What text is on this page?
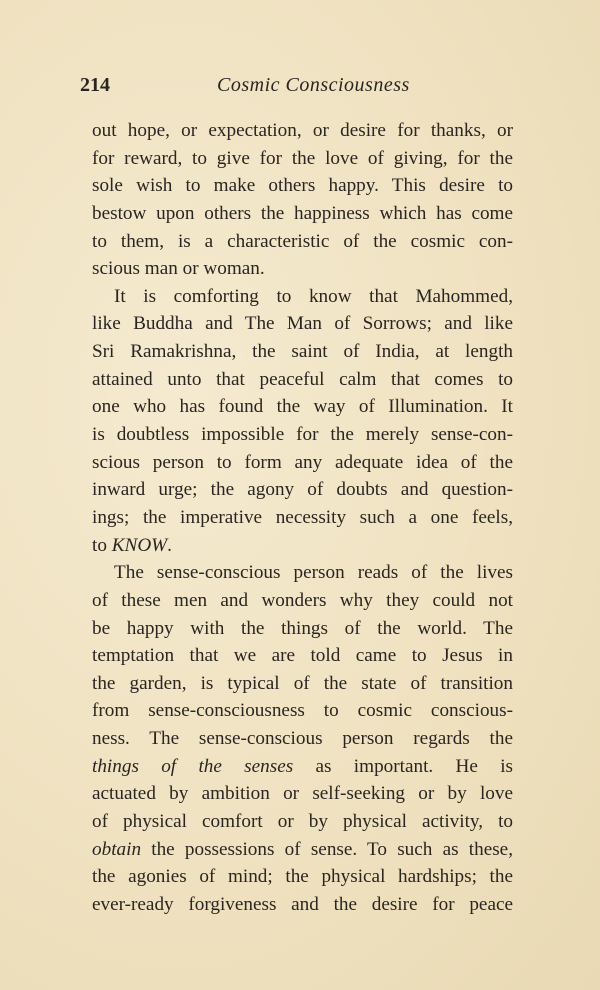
214	Cosmic Consciousness
out hope, or expectation, or desire for thanks, or
for reward, to give for the love of giving, for the
sole wish to make others happy. This desire to
bestow upon others the happiness which has come
to them, is a characteristic of the cosmic con-
scious man or woman.
It is comforting to know that Mahommed,
like Buddha and The Man of Sorrows; and like
Sri Ramakrishna, the saint of India, at length
attained unto that peaceful calm that comes to
one who has found the way of Illumination. It
is doubtless impossible for the merely sense-con-
scious person to form any adequate idea of the
inward urge; the agony of doubts and question-
ings; the imperative necessity such a one feels,
to KNOW.
The sense-conscious person reads of the lives
of these men and wonders why they could not
be happy with the things of the world. The
temptation that we are told came to Jesus in
the garden, is typical of the state of transition
from sense-consciousness to cosmic conscious-
ness. The sense-conscious person regards the
things of the senses as important. He is
actuated by ambition or self-seeking or by love
of physical comfort or by physical activity, to
obtain the possessions of sense. To such as these,
the agonies of mind; the physical hardships; the
ever-ready forgiveness and the desire for peace
